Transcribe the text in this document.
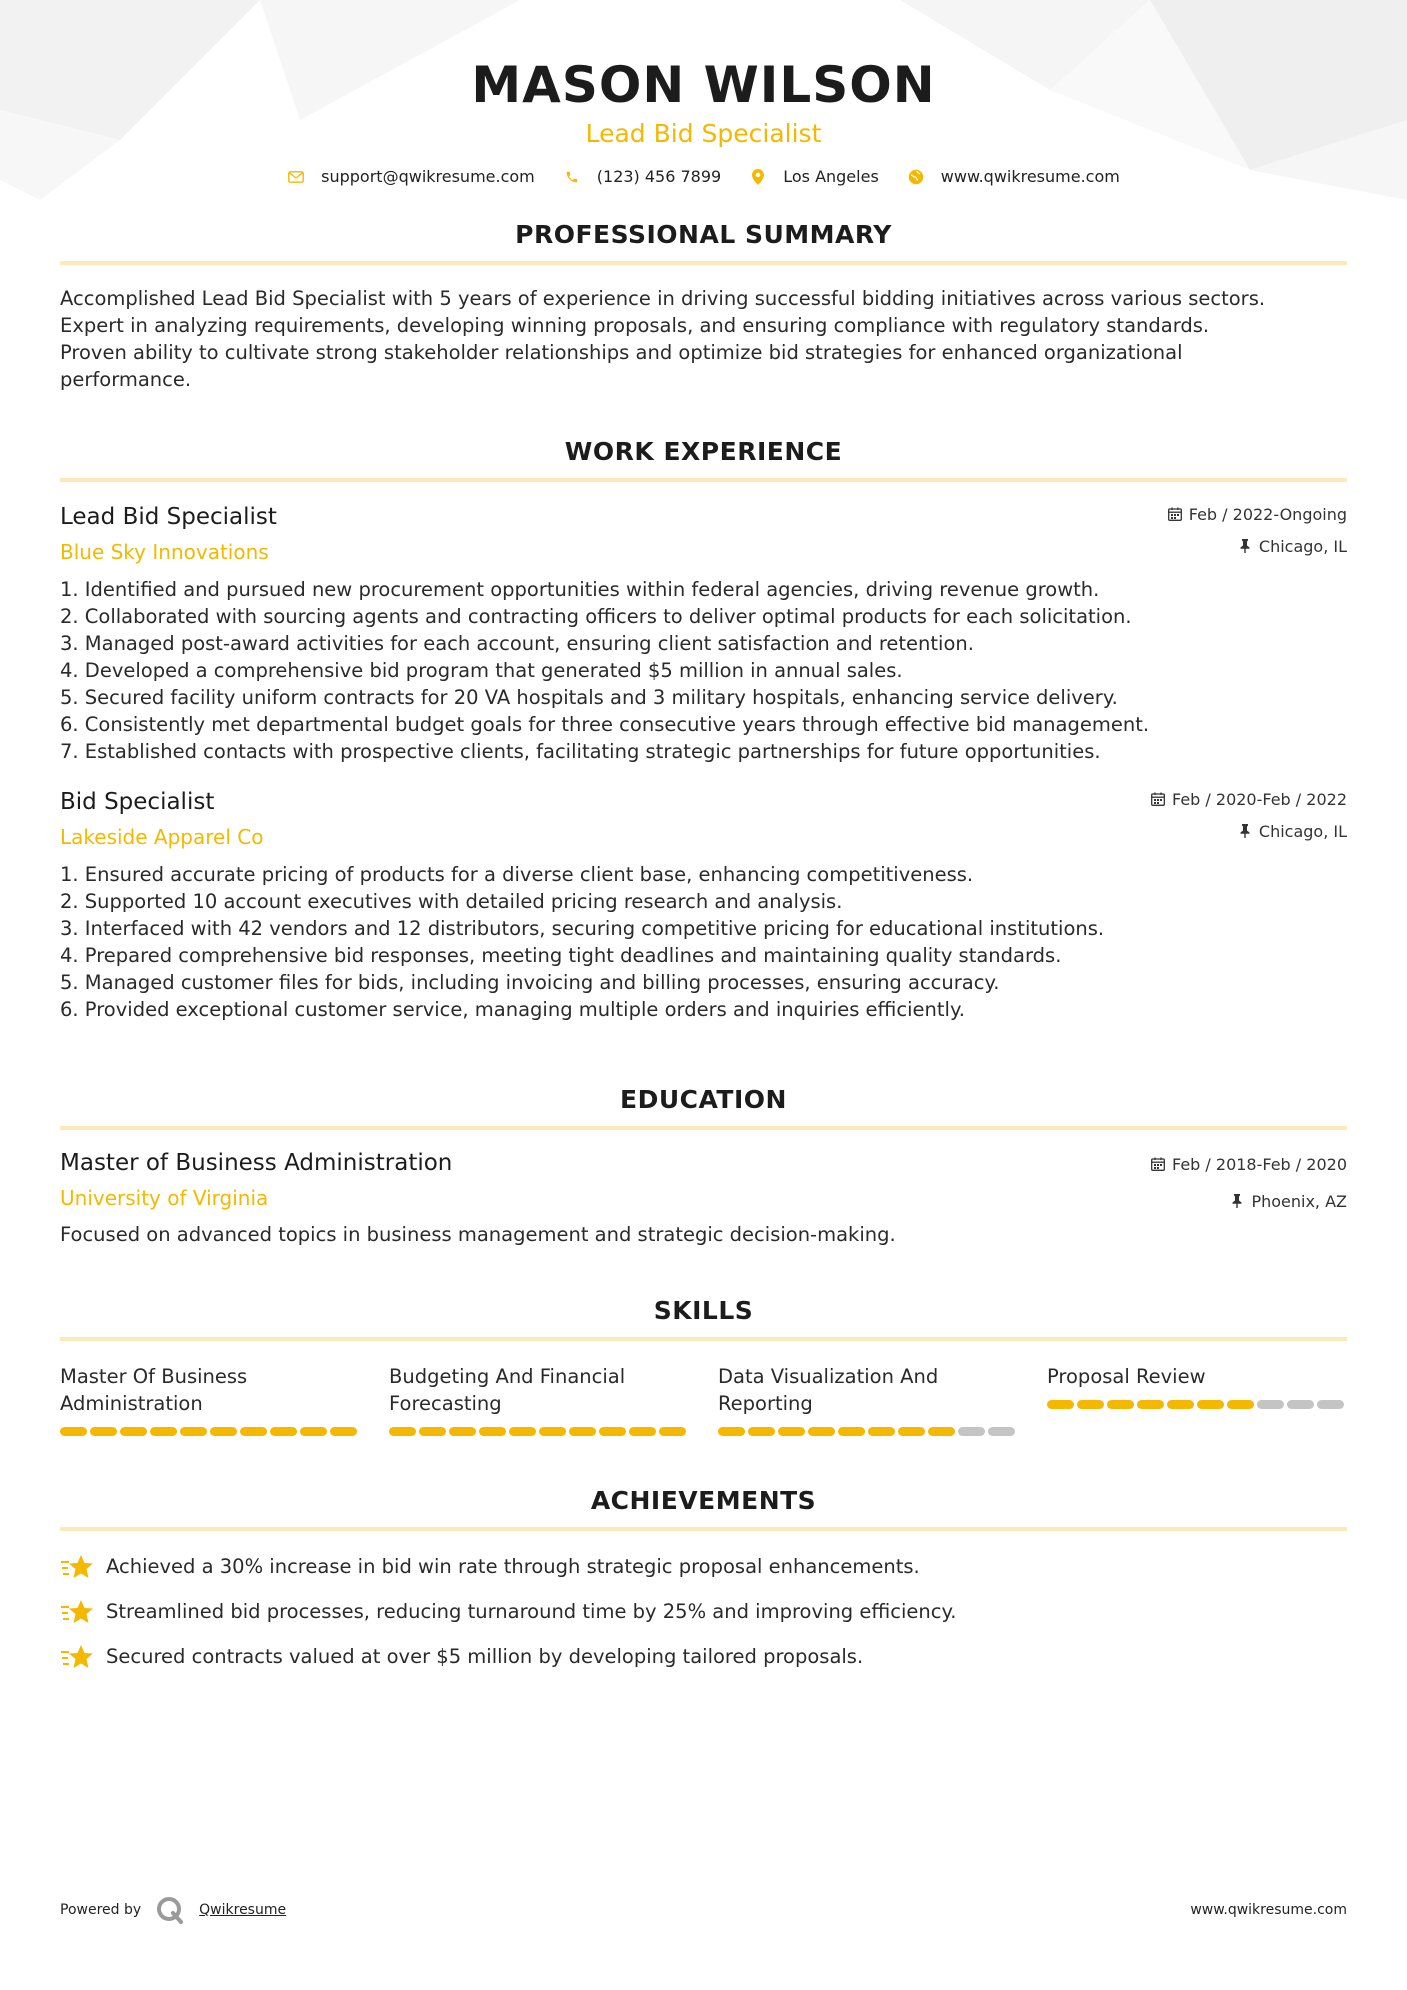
MASON WILSON
Lead Bid Specialist
support@qwikresume.com	(123) 456 7899	Los Angeles	www.qwikresume.com
PROFESSIONAL SUMMARY
Accomplished Lead Bid Specialist with 5 years of experience in driving successful bidding initiatives across various sectors.
Expert in analyzing requirements, developing winning proposals, and ensuring compliance with regulatory standards.
Proven ability to cultivate strong stakeholder relationships and optimize bid strategies for enhanced organizational
performance.
WORK EXPERIENCE
Lead Bid Specialist
Blue Sky Innovations
Feb / 2022-Ongoing
Chicago, IL
1. Identified and pursued new procurement opportunities within federal agencies, driving revenue growth.
2. Collaborated with sourcing agents and contracting officers to deliver optimal products for each solicitation.
3. Managed post-award activities for each account, ensuring client satisfaction and retention.
4. Developed a comprehensive bid program that generated $5 million in annual sales.
5. Secured facility uniform contracts for 20 VA hospitals and 3 military hospitals, enhancing service delivery.
6. Consistently met departmental budget goals for three consecutive years through effective bid management.
7. Established contacts with prospective clients, facilitating strategic partnerships for future opportunities.
Bid Specialist
Lakeside Apparel Co
Feb / 2020-Feb / 2022
Chicago, IL
1. Ensured accurate pricing of products for a diverse client base, enhancing competitiveness.
2. Supported 10 account executives with detailed pricing research and analysis.
3. Interfaced with 42 vendors and 12 distributors, securing competitive pricing for educational institutions.
4. Prepared comprehensive bid responses, meeting tight deadlines and maintaining quality standards.
5. Managed customer files for bids, including invoicing and billing processes, ensuring accuracy.
6. Provided exceptional customer service, managing multiple orders and inquiries efficiently.
EDUCATION
Master of Business Administration
University of Virginia
Feb / 2018-Feb / 2020
Phoenix, AZ
Focused on advanced topics in business management and strategic decision-making.
SKILLS
Master Of Business
Administration
Budgeting And Financial
Forecasting
Data Visualization And
Reporting
Proposal Review
ACHIEVEMENTS
Achieved a 30% increase in bid win rate through strategic proposal enhancements.
Streamlined bid processes, reducing turnaround time by 25% and improving efficiency.
Secured contracts valued at over $5 million by developing tailored proposals.
Powered by	Qwikresume	www.qwikresume.com
